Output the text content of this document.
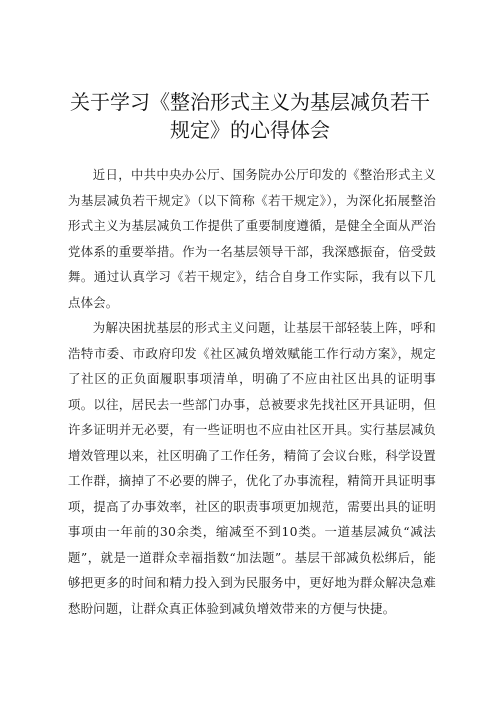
关于学习《整治形式主义为基层减负若干
规定》的心得体会

近日，中共中央办公厅、国务院办公厅印发的《整治形式主义为基层减负若干规定》（以下简称《若干规定》），为深化拓展整治形式主义为基层减负工作提供了重要制度遵循，是健全全面从严治党体系的重要举措。作为一名基层领导干部，我深感振奋，倍受鼓舞。通过认真学习《若干规定》，结合自身工作实际，我有以下几点体会。

为解决困扰基层的形式主义问题，让基层干部轻装上阵，呼和浩特市委、市政府印发《社区减负增效赋能工作行动方案》，规定了社区的正负面履职事项清单，明确了不应由社区出具的证明事项。以往，居民去一些部门办事，总被要求先找社区开具证明，但许多证明并无必要，有一些证明也不应由社区开具。实行基层减负增效管理以来，社区明确了工作任务，精简了会议台账，科学设置工作群，摘掉了不必要的牌子，优化了办事流程，精简开具证明事项，提高了办事效率，社区的职责事项更加规范，需要出具的证明事项由一年前的30余类，缩减至不到10类。一道基层减负“减法题”，就是一道群众幸福指数“加法题”。基层干部减负松绑后，能够把更多的时间和精力投入到为民服务中，更好地为群众解决急难愁盼问题，让群众真正体验到减负增效带来的方便与快捷。
